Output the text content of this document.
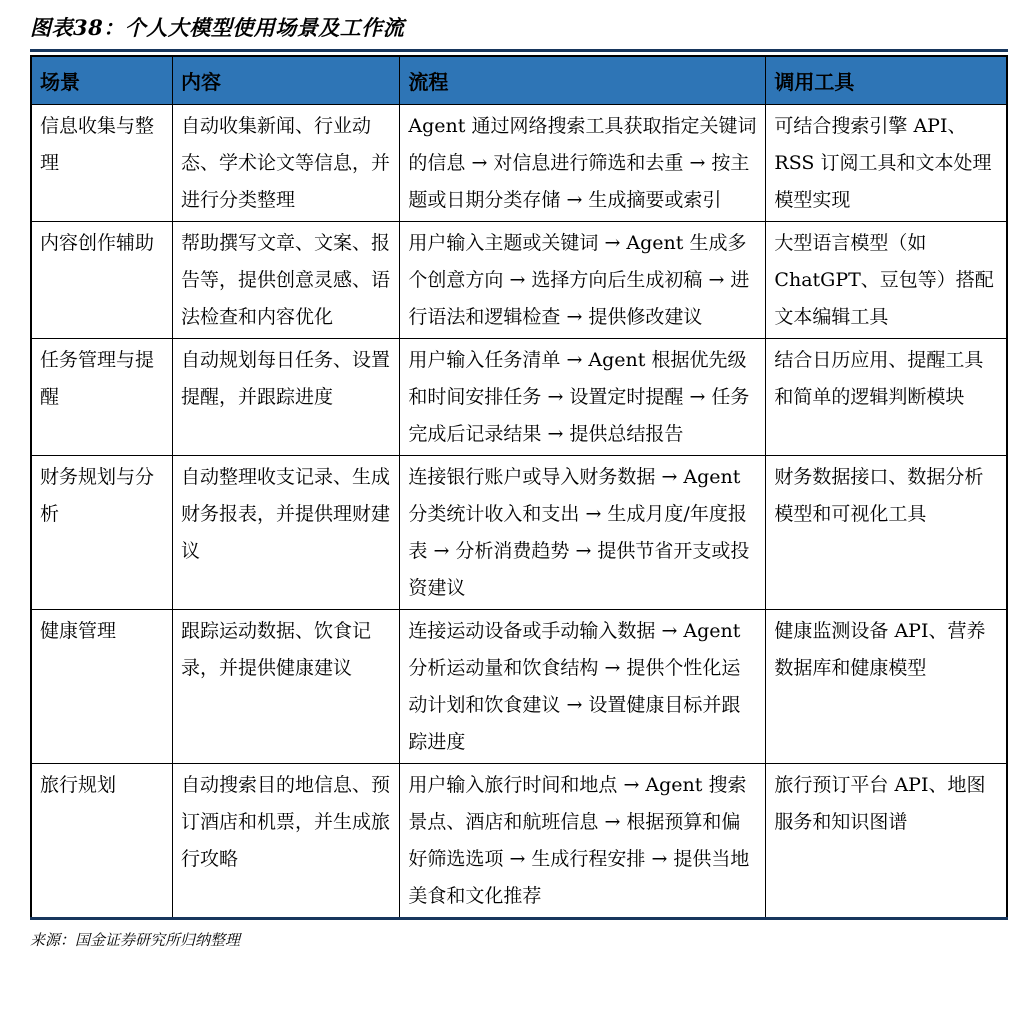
图表38：个人大模型使用场景及工作流
场景	内容	流程	调用工具
信息收集与整理	自动收集新闻、行业动态、学术论文等信息，并进行分类整理	Agent 通过网络搜索工具获取指定关键词的信息 → 对信息进行筛选和去重 → 按主题或日期分类存储 → 生成摘要或索引	可结合搜索引擎 API、RSS 订阅工具和文本处理模型实现
内容创作辅助	帮助撰写文章、文案、报告等，提供创意灵感、语法检查和内容优化	用户输入主题或关键词 → Agent 生成多个创意方向 → 选择方向后生成初稿 → 进行语法和逻辑检查 → 提供修改建议	大型语言模型（如 ChatGPT、豆包等）搭配文本编辑工具
任务管理与提醒	自动规划每日任务、设置提醒，并跟踪进度	用户输入任务清单 → Agent 根据优先级和时间安排任务 → 设置定时提醒 → 任务完成后记录结果 → 提供总结报告	结合日历应用、提醒工具和简单的逻辑判断模块
财务规划与分析	自动整理收支记录、生成财务报表，并提供理财建议	连接银行账户或导入财务数据 → Agent 分类统计收入和支出 → 生成月度/年度报表 → 分析消费趋势 → 提供节省开支或投资建议	财务数据接口、数据分析模型和可视化工具
健康管理	跟踪运动数据、饮食记录，并提供健康建议	连接运动设备或手动输入数据 → Agent 分析运动量和饮食结构 → 提供个性化运动计划和饮食建议 → 设置健康目标并跟踪进度	健康监测设备 API、营养数据库和健康模型
旅行规划	自动搜索目的地信息、预订酒店和机票，并生成旅行攻略	用户输入旅行时间和地点 → Agent 搜索景点、酒店和航班信息 → 根据预算和偏好筛选选项 → 生成行程安排 → 提供当地美食和文化推荐	旅行预订平台 API、地图服务和知识图谱
来源：国金证券研究所归纳整理
